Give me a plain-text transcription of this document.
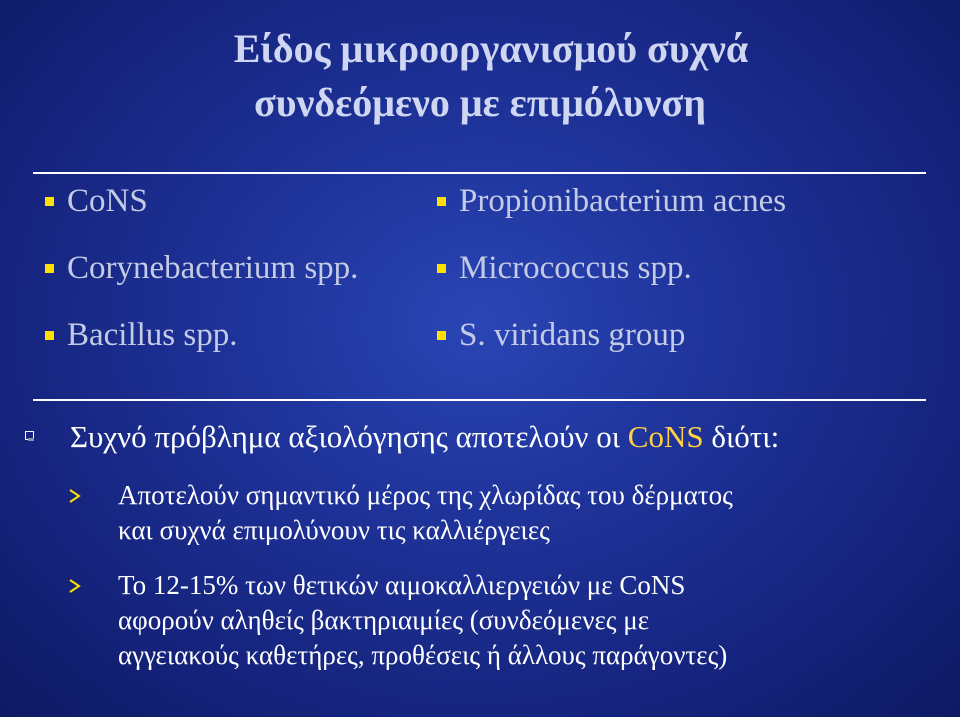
Είδος μικροοργανισμού συχνά
συνδεόμενο με επιμόλυνση
CoNS
Corynebacterium spp.
Bacillus spp.
Propionibacterium acnes
Micrococcus spp.
S. viridans group
Συχνό πρόβλημα αξιολόγησης αποτελούν οι CoNS διότι:
Αποτελούν σημαντικό μέρος της χλωρίδας του δέρματος
και συχνά επιμολύνουν τις καλλιέργειες
Το 12-15% των θετικών αιμοκαλλιεργειών με CoNS
αφορούν αληθείς βακτηριαιμίες (συνδεόμενες με
αγγειακούς καθετήρες, προθέσεις ή άλλους παράγοντες)
